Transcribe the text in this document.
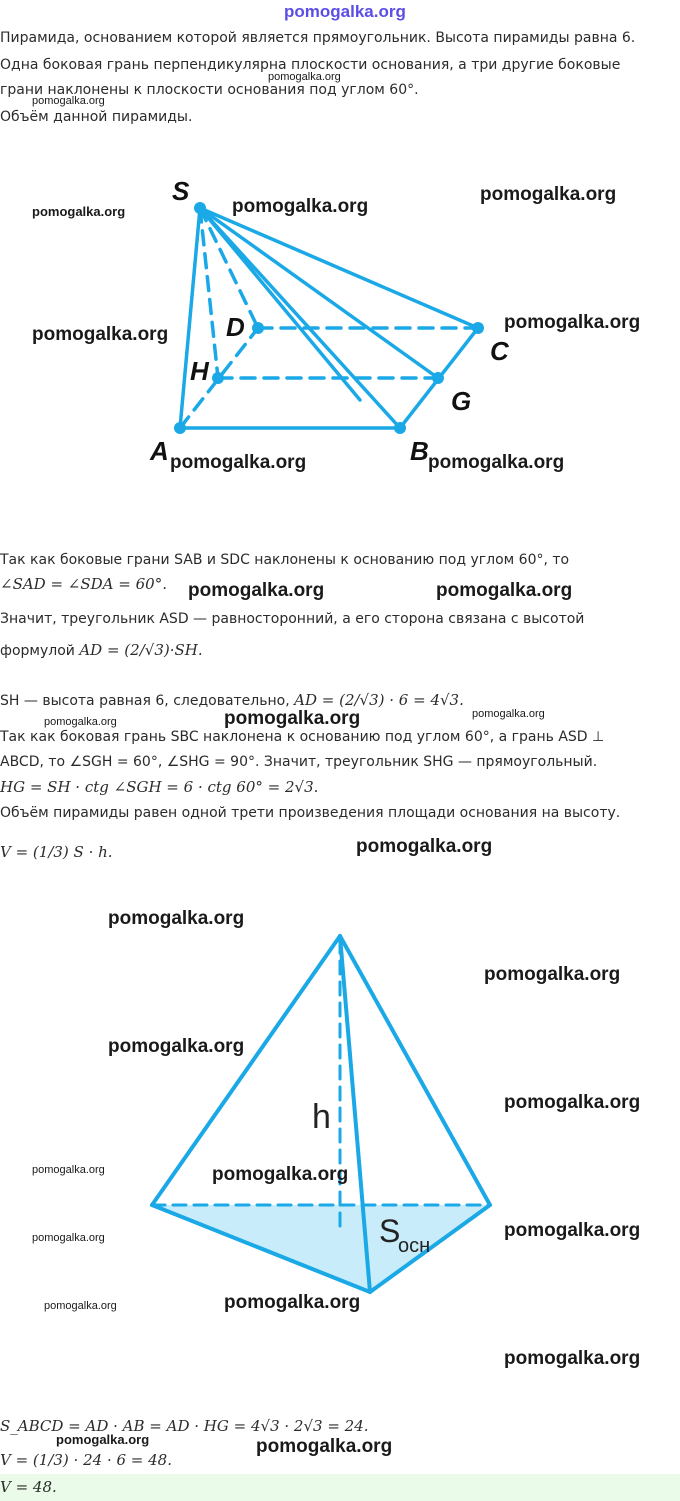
pomogalka.org
Пирамида, основанием которой является прямоугольник. Высота пирамиды равна 6.
Одна боковая грань перпендикулярна плоскости основания, а три другие боковые
грани наклонены к плоскости основания под углом 60°.
Объём данной пирамиды.
S
D
C
H
G
A	B
Так как боковые грани SAB и SDC наклонены к основанию под углом 60°, то
∠SAD = ∠SDA = 60°.
Значит, треугольник ASD — равносторонний, а его сторона связана с высотой
формулой AD = (2/√3)·SH.
SH — высота равная 6, следовательно, AD = (2/√3) · 6 = 4√3.
Так как боковая грань SBC наклонена к основанию под углом 60°, а грань ASD ⊥
ABCD, то ∠SGH = 60°, ∠SHG = 90°. Значит, треугольник SHG — прямоугольный.
HG = SH · ctg ∠SGH = 6 · ctg 60° = 2√3.
Объём пирамиды равен одной трети произведения площади основания на высоту.
V = (1/3) S · h.
h
S
осн
S_ABCD = AD · AB = AD · HG = 4√3 · 2√3 = 24.
V = (1/3) · 24 · 6 = 48.
V = 48.
pomogalka.org
pomogalka.org
pomogalka.org
pomogalka.org
pomogalka.org
pomogalka.org
pomogalka.org
pomogalka.org	pomogalka.org
pomogalka.org	pomogalka.org
pomogalka.org
pomogalka.org
pomogalka.org
pomogalka.org
pomogalka.org
pomogalka.org
pomogalka.org
pomogalka.org
pomogalka.org	pomogalka.org
pomogalka.org
pomogalka.org
pomogalka.org
pomogalka.org
pomogalka.org
pomogalka.org	pomogalka.org
